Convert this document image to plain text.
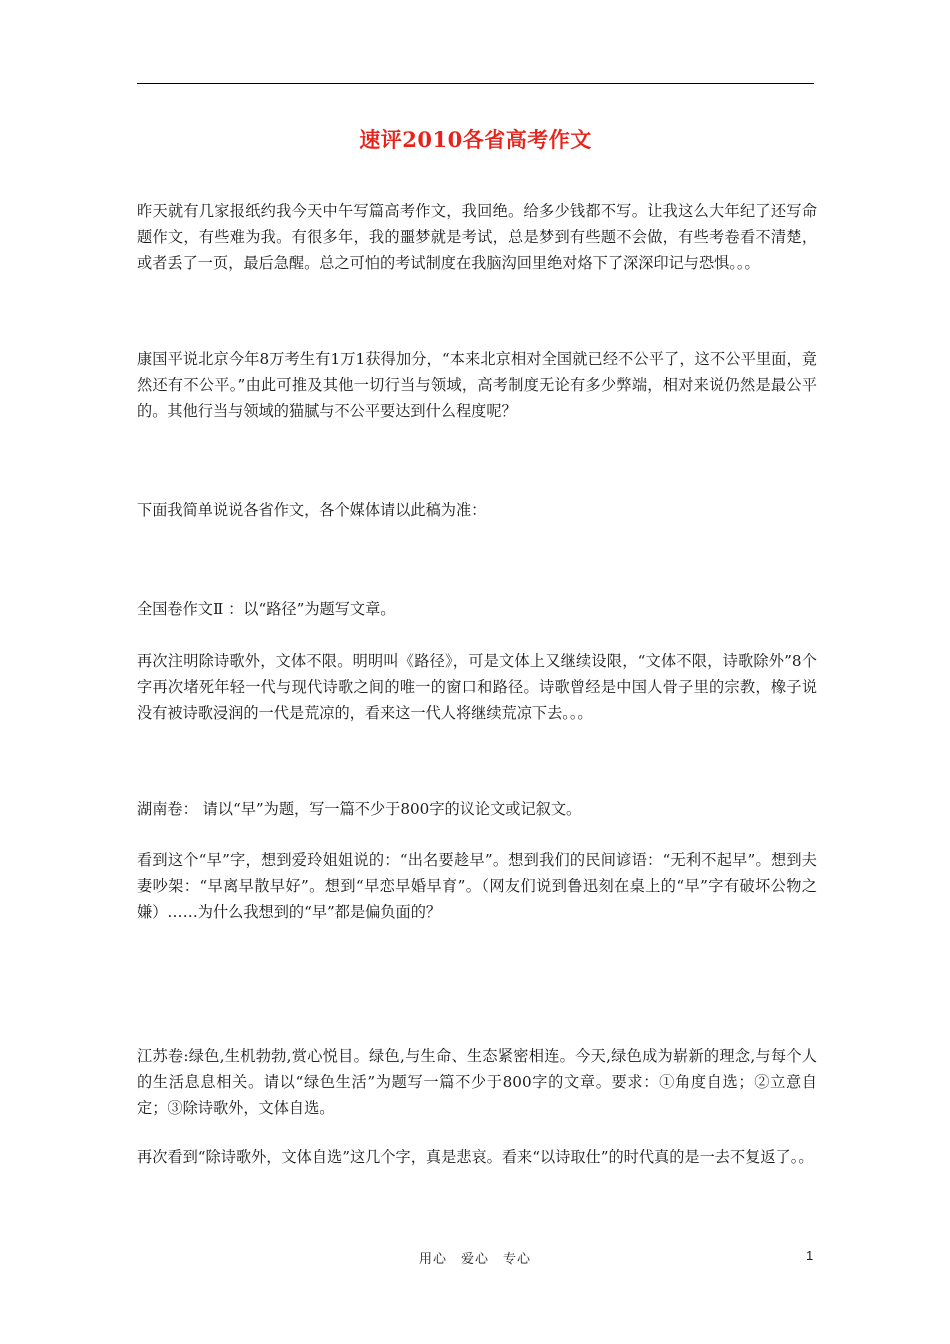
速评2010各省高考作文

昨天就有几家报纸约我今天中午写篇高考作文，我回绝。给多少钱都不写。让我这么大年纪了还写命题作文，有些难为我。有很多年，我的噩梦就是考试，总是梦到有些题不会做，有些考卷看不清楚，或者丢了一页，最后急醒。总之可怕的考试制度在我脑沟回里绝对烙下了深深印记与恐惧。。。

康国平说北京今年8万考生有1万1获得加分，“本来北京相对全国就已经不公平了，这不公平里面，竟然还有不公平。”由此可推及其他一切行当与领域，高考制度无论有多少弊端，相对来说仍然是最公平的。其他行当与领域的猫腻与不公平要达到什么程度呢？

下面我简单说说各省作文，各个媒体请以此稿为准：

全国卷作文Ⅱ ：以“路径”为题写文章。

再次注明除诗歌外，文体不限。明明叫《路径》，可是文体上又继续设限，“文体不限，诗歌除外”8个字再次堵死年轻一代与现代诗歌之间的唯一的窗口和路径。诗歌曾经是中国人骨子里的宗教，橡子说没有被诗歌浸润的一代是荒凉的，看来这一代人将继续荒凉下去。。。

湖南卷： 请以“早”为题，写一篇不少于800字的议论文或记叙文。

看到这个“早”字，想到爱玲姐姐说的：“出名要趁早”。想到我们的民间谚语：“无利不起早”。想到夫妻吵架：“早离早散早好”。想到“早恋早婚早育”。（网友们说到鲁迅刻在桌上的“早”字有破坏公物之嫌）……为什么我想到的“早”都是偏负面的？

江苏卷:绿色,生机勃勃,赏心悦目。绿色,与生命、生态紧密相连。今天,绿色成为崭新的理念,与每个人的生活息息相关。请以“绿色生活”为题写一篇不少于800字的文章。要求：①角度自选；②立意自定；③除诗歌外，文体自选。

再次看到“除诗歌外，文体自选”这几个字，真是悲哀。看来“以诗取仕”的时代真的是一去不复返了。。

用心　爱心　专心	1
